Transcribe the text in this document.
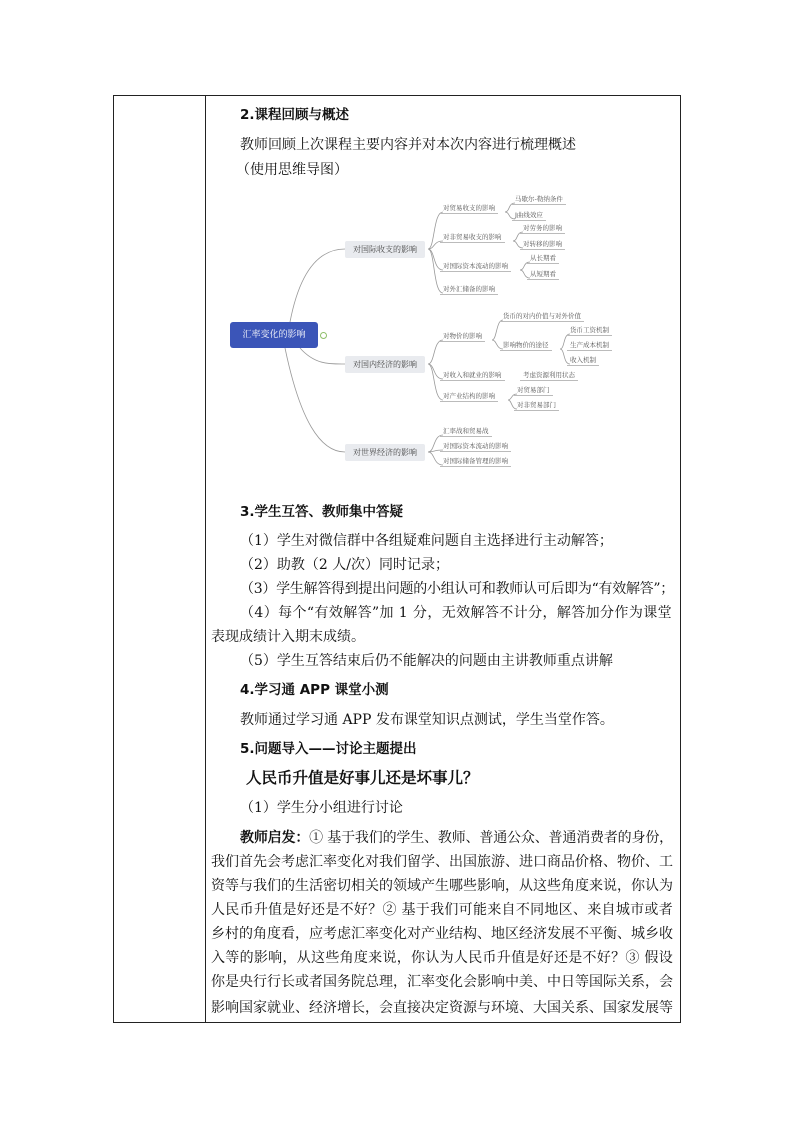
2.课程回顾与概述
教师回顾上次课程主要内容并对本次内容进行梳理概述
（使用思维导图）
汇率变化的影响
对国际收支的影响
对国内经济的影响
对世界经济的影响
对贸易收支的影响
马歇尔-勒纳条件
J曲线效应
对非贸易收支的影响
对劳务的影响
对转移的影响
对国际资本流动的影响
从长期看
从短期看
对外汇储备的影响
对物价的影响
货币的对内价值与对外价值
影响物价的途径
货币工资机制
生产成本机制
收入机制
对收入和就业的影响	考虑资源利用状态
对产业结构的影响
对贸易部门
对非贸易部门
汇率战和贸易战
对国际资本流动的影响
对国际储备管理的影响
3.学生互答、教师集中答疑
（1）学生对微信群中各组疑难问题自主选择进行主动解答；
（2）助教（2 人/次）同时记录；
（3）学生解答得到提出问题的小组认可和教师认可后即为“有效解答”；
（4）每个“有效解答”加 1 分，无效解答不计分，解答加分作为课堂
表现成绩计入期末成绩。
（5）学生互答结束后仍不能解决的问题由主讲教师重点讲解
4.学习通 APP 课堂小测
教师通过学习通 APP 发布课堂知识点测试，学生当堂作答。
5.问题导入——讨论主题提出
人民币升值是好事儿还是坏事儿？
（1）学生分小组进行讨论
教师启发：① 基于我们的学生、教师、普通公众、普通消费者的身份，
我们首先会考虑汇率变化对我们留学、出国旅游、进口商品价格、物价、工
资等与我们的生活密切相关的领域产生哪些影响，从这些角度来说，你认为
人民币升值是好还是不好？② 基于我们可能来自不同地区、来自城市或者
乡村的角度看，应考虑汇率变化对产业结构、地区经济发展不平衡、城乡收
入等的影响，从这些角度来说，你认为人民币升值是好还是不好？③ 假设
你是央行行长或者国务院总理，汇率变化会影响中美、中日等国际关系，会
影响国家就业、经济增长，会直接决定资源与环境、大国关系、国家发展等
